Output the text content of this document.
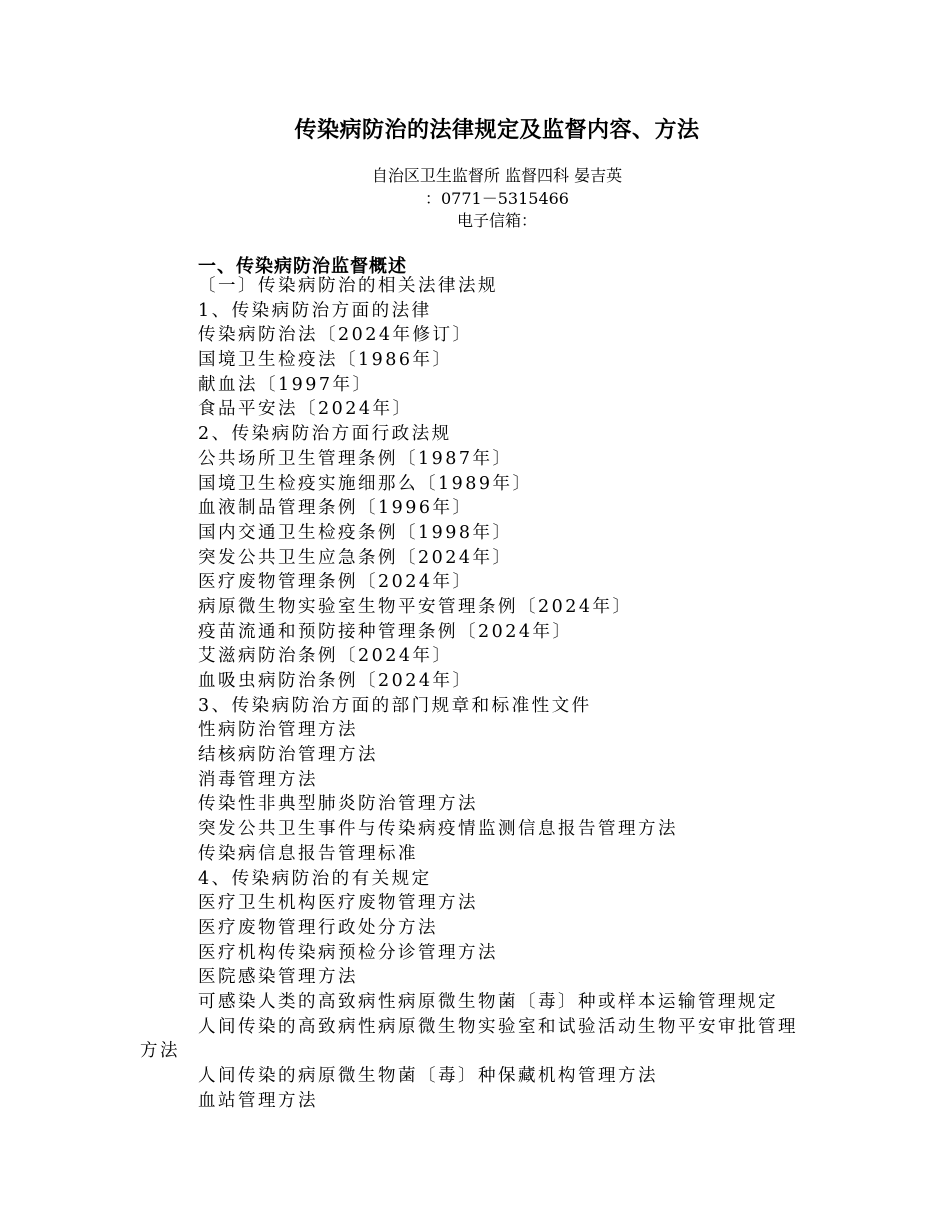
传染病防治的法律规定及监督内容、方法
自治区卫生监督所 监督四科 晏吉英
：0771－5315466
电子信箱：
一、传染病防治监督概述
〔一〕传染病防治的相关法律法规
1、传染病防治方面的法律
传染病防治法〔2024年修订〕
国境卫生检疫法〔1986年〕
献血法〔1997年〕
食品平安法〔2024年〕
2、传染病防治方面行政法规
公共场所卫生管理条例〔1987年〕
国境卫生检疫实施细那么〔1989年〕
血液制品管理条例〔1996年〕
国内交通卫生检疫条例〔1998年〕
突发公共卫生应急条例〔2024年〕
医疗废物管理条例〔2024年〕
病原微生物实验室生物平安管理条例〔2024年〕
疫苗流通和预防接种管理条例〔2024年〕
艾滋病防治条例〔2024年〕
血吸虫病防治条例〔2024年〕
3、传染病防治方面的部门规章和标准性文件
性病防治管理方法
结核病防治管理方法
消毒管理方法
传染性非典型肺炎防治管理方法
突发公共卫生事件与传染病疫情监测信息报告管理方法
传染病信息报告管理标准
4、传染病防治的有关规定
医疗卫生机构医疗废物管理方法
医疗废物管理行政处分方法
医疗机构传染病预检分诊管理方法
医院感染管理方法
可感染人类的高致病性病原微生物菌〔毒〕种或样本运输管理规定
人间传染的高致病性病原微生物实验室和试验活动生物平安审批管理
方法
人间传染的病原微生物菌〔毒〕种保藏机构管理方法
血站管理方法
